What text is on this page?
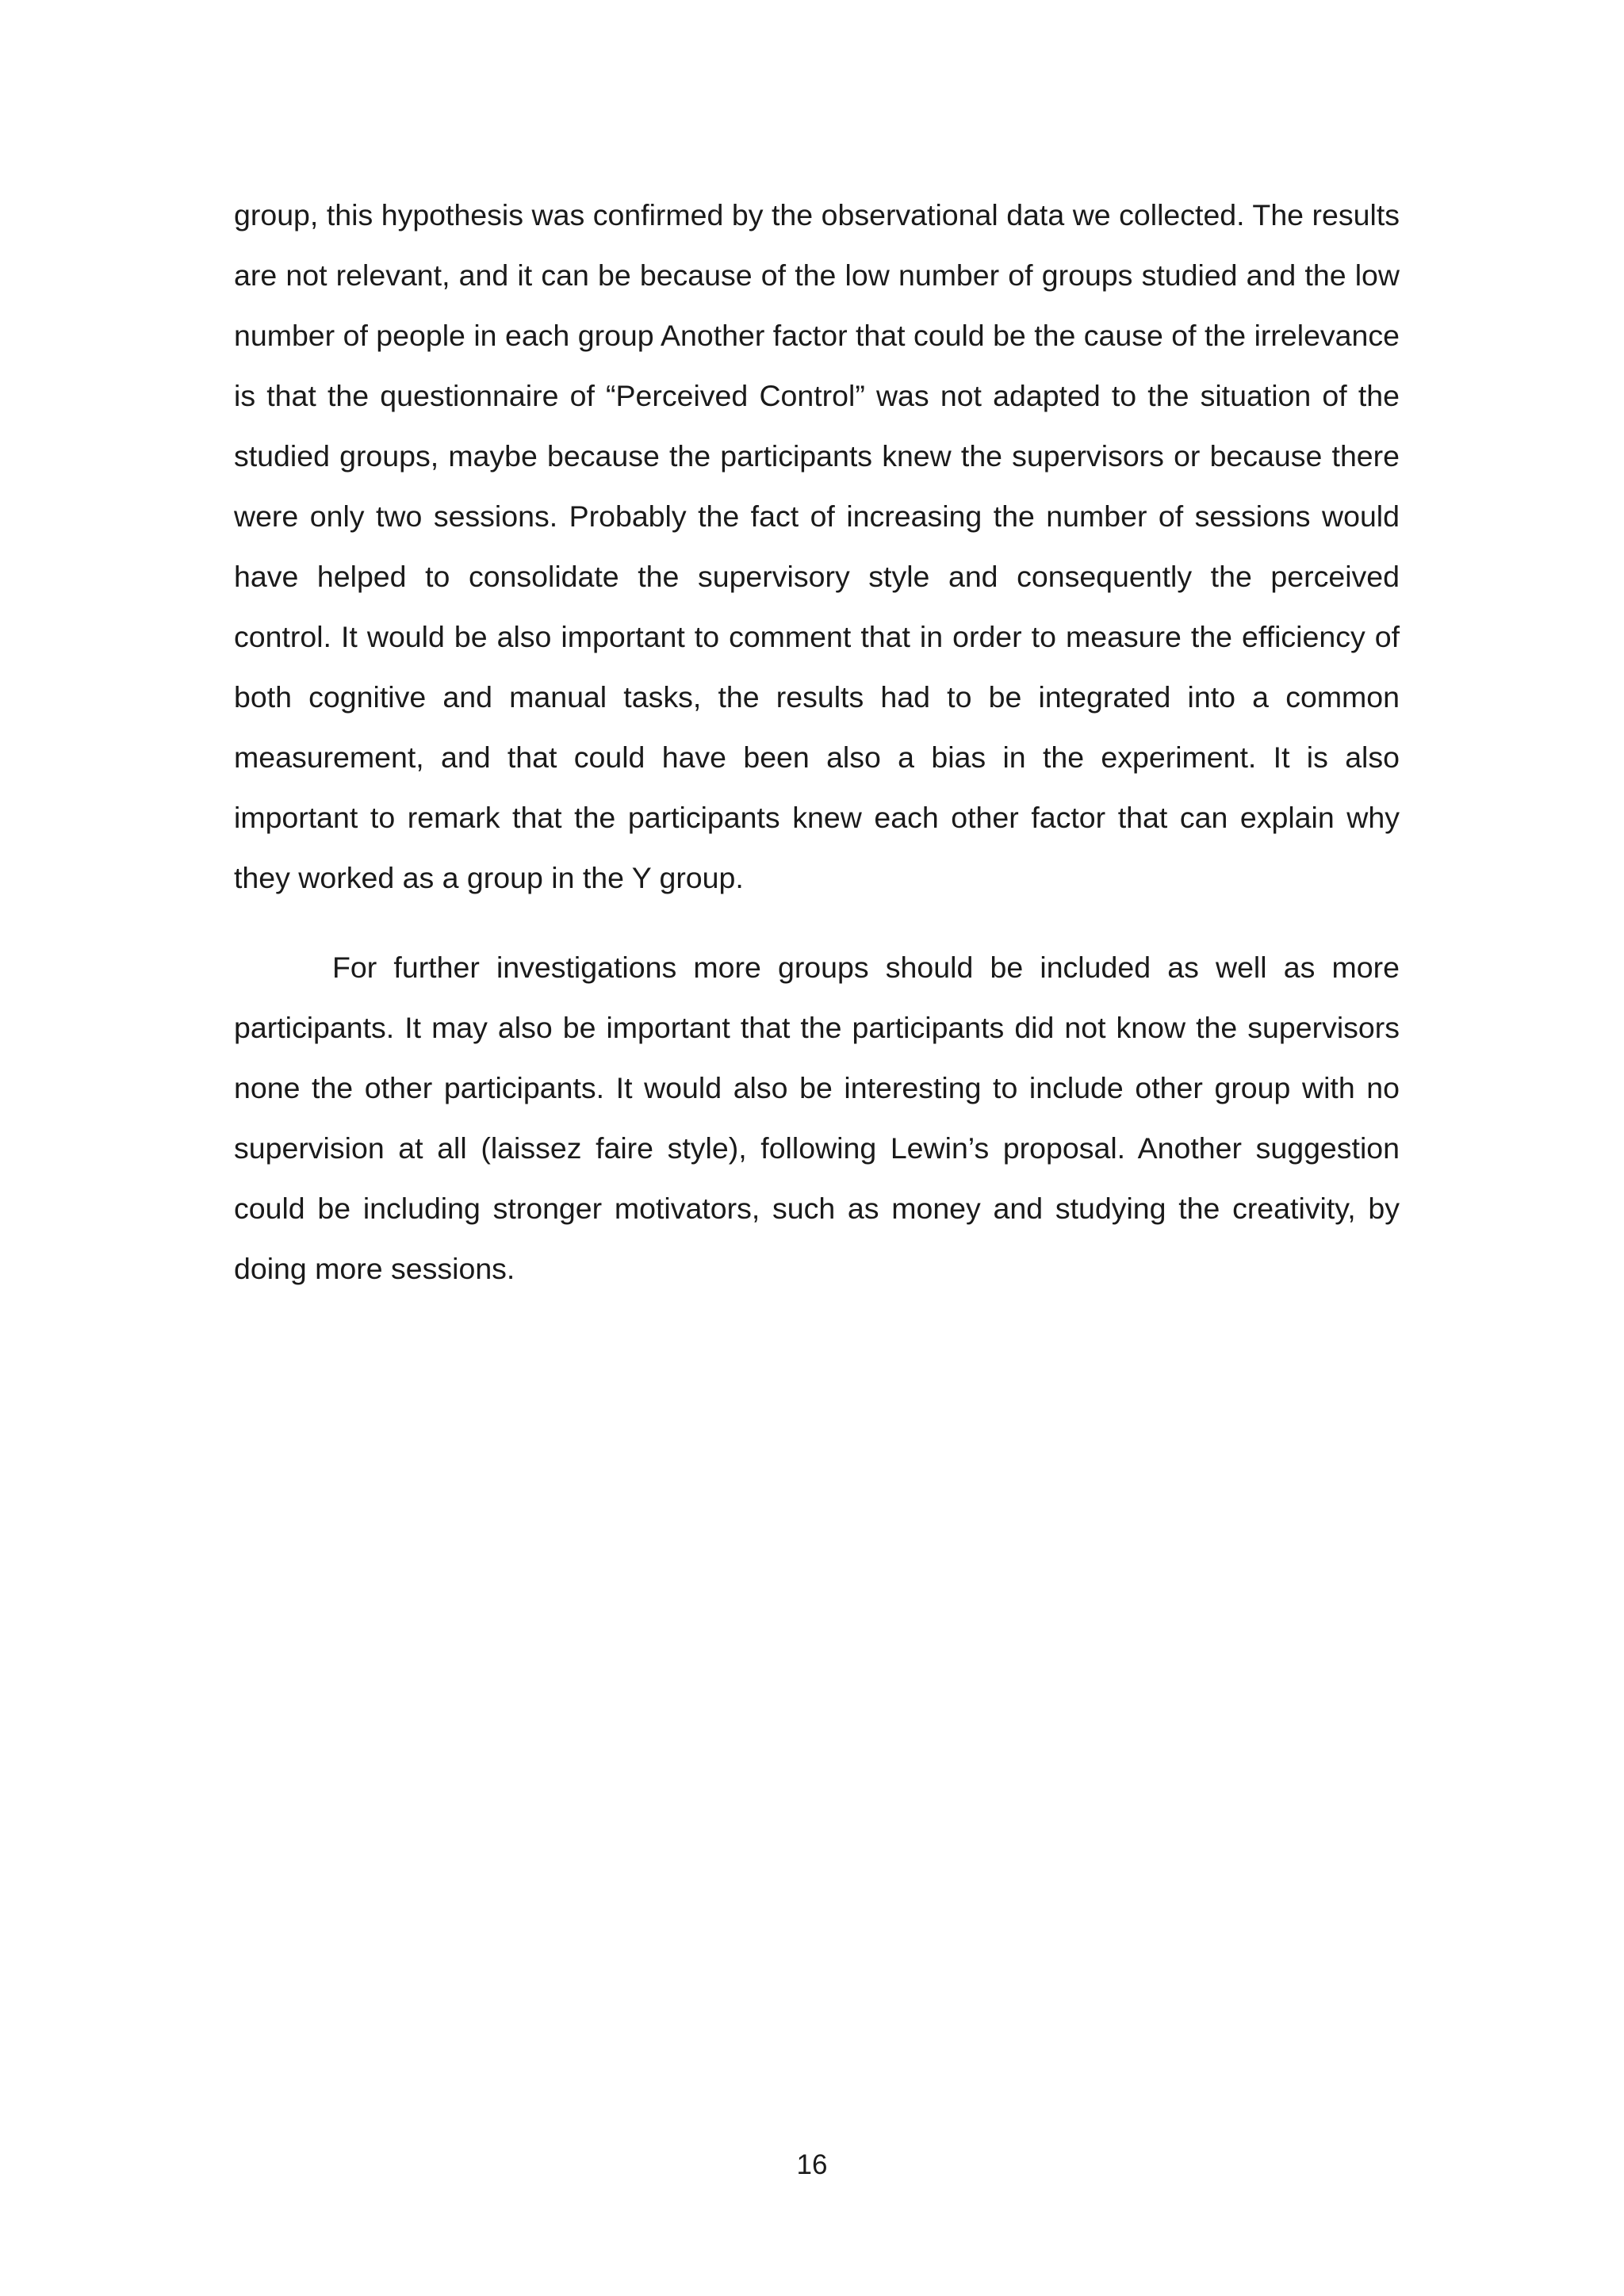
group, this hypothesis was confirmed by the observational data we collected. The results are not relevant, and it can be because of the low number of groups studied and the low number of people in each group Another factor that could be the cause of the irrelevance is that the questionnaire of “Perceived Control” was not adapted to the situation of the studied groups, maybe because the participants knew the supervisors or because there were only two sessions. Probably the fact of increasing the number of sessions would have helped to consolidate the supervisory style and consequently the perceived control. It would be also important to comment that in order to measure the efficiency of both cognitive and manual tasks, the results had to be integrated into a common measurement, and that could have been also a bias in the experiment. It is also important to remark that the participants knew each other factor that can explain why they worked as a group in the Y group.

For further investigations more groups should be included as well as more participants. It may also be important that the participants did not know the supervisors none the other participants. It would also be interesting to include other group with no supervision at all (laissez faire style), following Lewin’s proposal. Another suggestion could be including stronger motivators, such as money and studying the creativity, by doing more sessions.

16
